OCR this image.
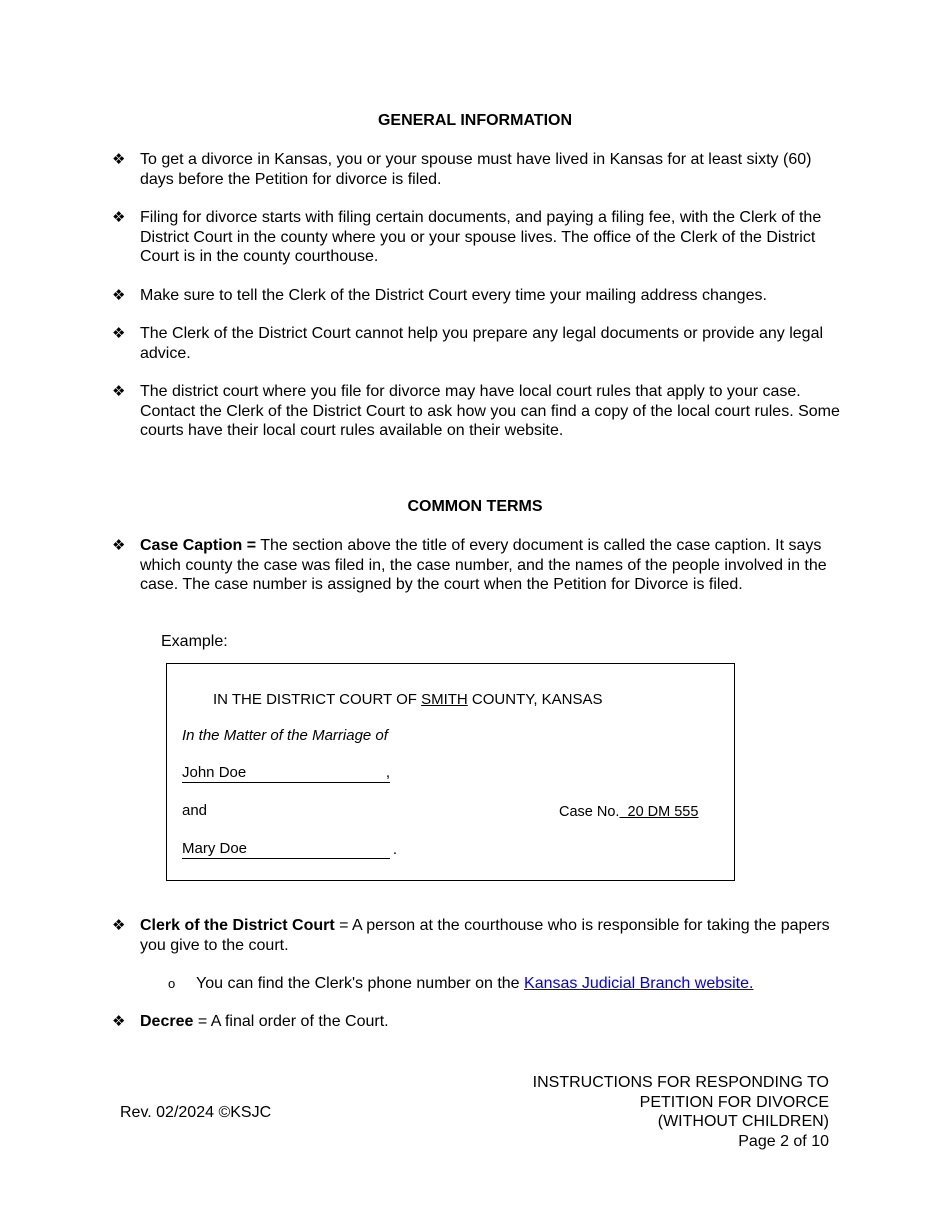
GENERAL INFORMATION
❖ To get a divorce in Kansas, you or your spouse must have lived in Kansas for at least sixty (60) days before the Petition for divorce is filed.
❖ Filing for divorce starts with filing certain documents, and paying a filing fee, with the Clerk of the District Court in the county where you or your spouse lives. The office of the Clerk of the District Court is in the county courthouse.
❖ Make sure to tell the Clerk of the District Court every time your mailing address changes.
❖ The Clerk of the District Court cannot help you prepare any legal documents or provide any legal advice.
❖ The district court where you file for divorce may have local court rules that apply to your case. Contact the Clerk of the District Court to ask how you can find a copy of the local court rules. Some courts have their local court rules available on their website.
COMMON TERMS
❖ Case Caption = The section above the title of every document is called the case caption. It says which county the case was filed in, the case number, and the names of the people involved in the case. The case number is assigned by the court when the Petition for Divorce is filed.
Example:
IN THE DISTRICT COURT OF SMITH COUNTY, KANSAS
In the Matter of the Marriage of
John Doe	,
and	Case No.  20 DM 555
Mary Doe	.
❖ Clerk of the District Court = A person at the courthouse who is responsible for taking the papers you give to the court.
o You can find the Clerk's phone number on the Kansas Judicial Branch website.
❖ Decree = A final order of the Court.
Rev. 02/2024 ©KSJC
INSTRUCTIONS FOR RESPONDING TO
PETITION FOR DIVORCE
(WITHOUT CHILDREN)
Page 2 of 10
